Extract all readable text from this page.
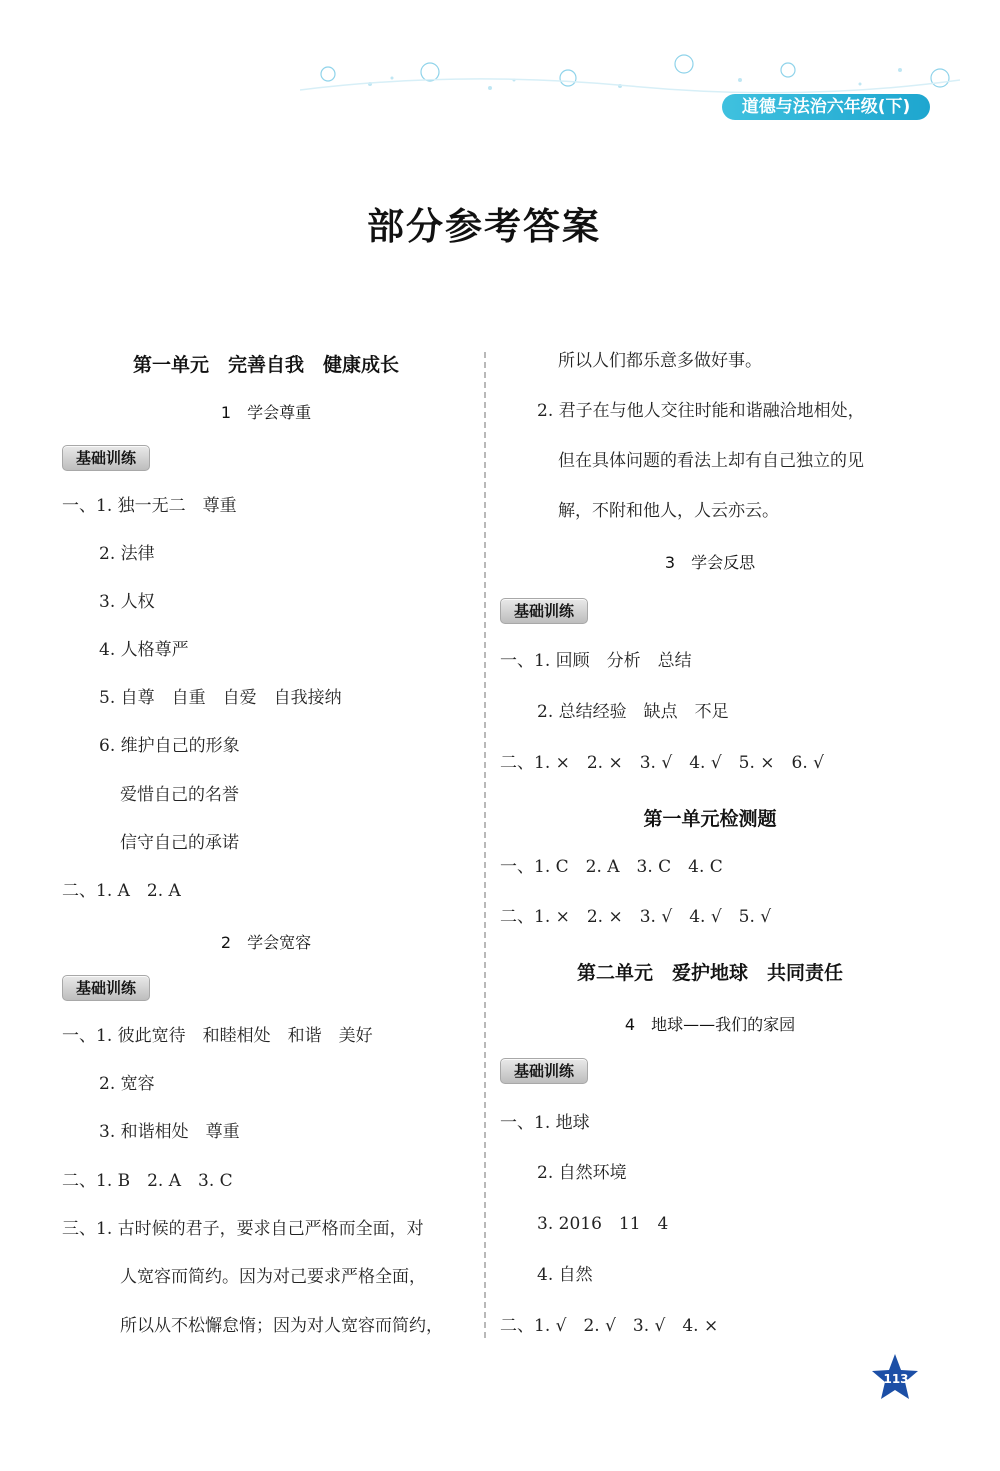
道德与法治六年级(下)
部分参考答案
第一单元　完善自我　健康成长
1　学会尊重
基础训练
一、1. 独一无二　尊重
2. 法律
3. 人权
4. 人格尊严
5. 自尊　自重　自爱　自我接纳
6. 维护自己的形象
爱惜自己的名誉
信守自己的承诺
二、1. A　2. A
2　学会宽容
基础训练
一、1. 彼此宽待　和睦相处　和谐　美好
2. 宽容
3. 和谐相处　尊重
二、1. B　2. A　3. C
三、1. 古时候的君子，要求自己严格而全面，对
人宽容而简约。因为对己要求严格全面，
所以从不松懈怠惰；因为对人宽容而简约，
所以人们都乐意多做好事。
2. 君子在与他人交往时能和谐融洽地相处，
但在具体问题的看法上却有自己独立的见
解，不附和他人，人云亦云。
3　学会反思
基础训练
一、1. 回顾　分析　总结
2. 总结经验　缺点　不足
二、1. ×　2. ×　3. √　4. √　5. ×　6. √
第一单元检测题
一、1. C　2. A　3. C　4. C
二、1. ×　2. ×　3. √　4. √　5. √
第二单元　爱护地球　共同责任
4　地球——我们的家园
基础训练
一、1. 地球
2. 自然环境
3. 2016　11　4
4. 自然
二、1. √　2. √　3. √　4. ×
113
